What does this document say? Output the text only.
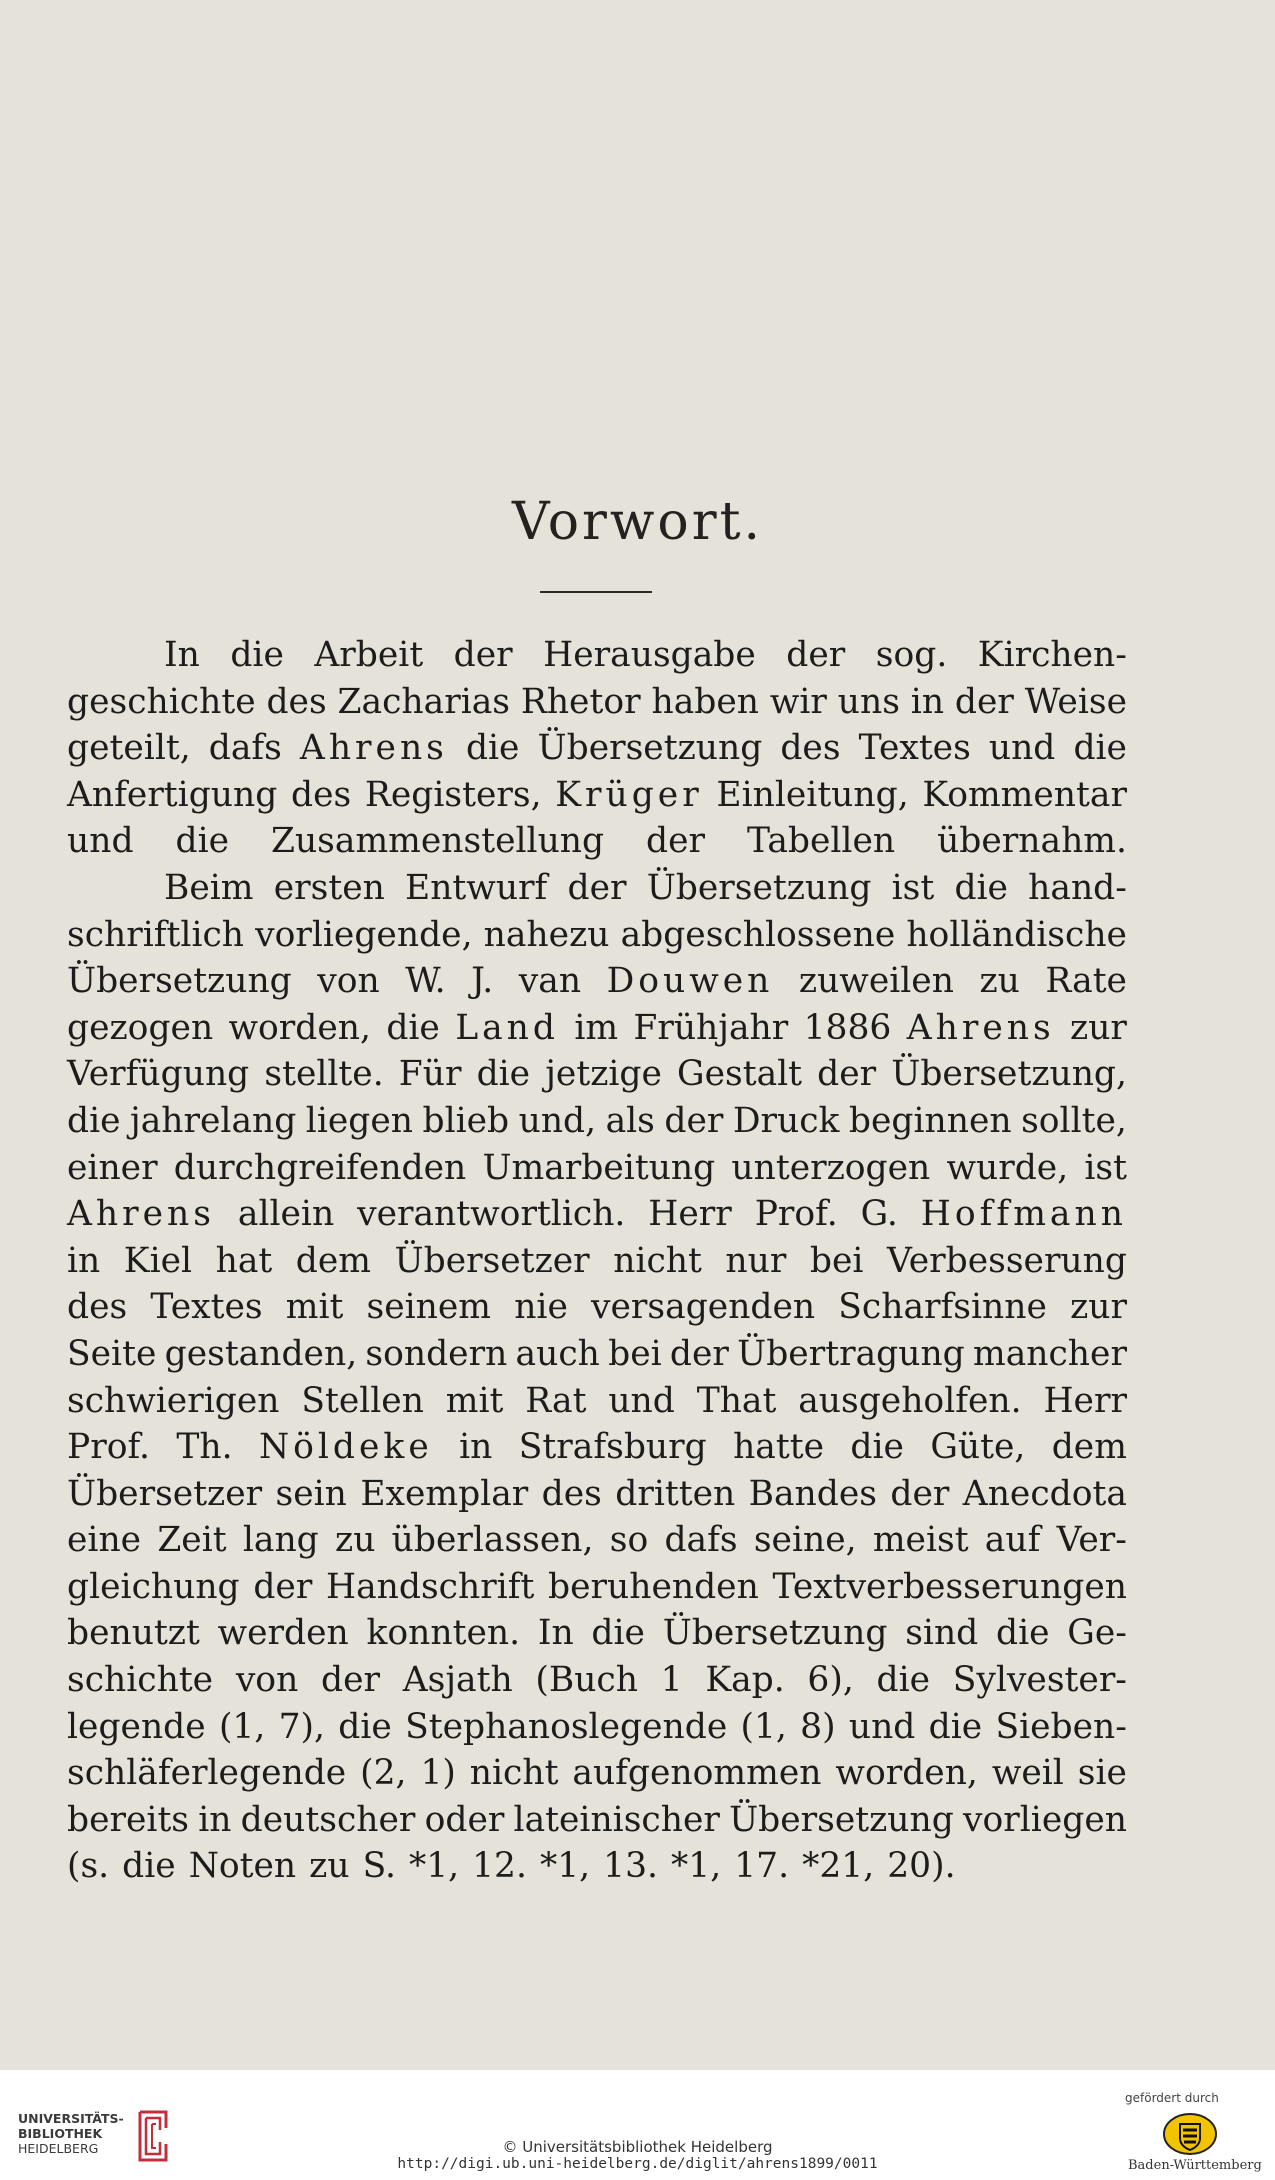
Vorwort.
In die Arbeit der Herausgabe der sog. Kirchen-
geschichte des Zacharias Rhetor haben wir uns in der Weise
geteilt, dafs Ahrens die Übersetzung des Textes und die
Anfertigung des Registers, Krüger Einleitung, Kommentar
und die Zusammenstellung der Tabellen übernahm.
Beim ersten Entwurf der Übersetzung ist die hand-
schriftlich vorliegende, nahezu abgeschlossene holländische
Übersetzung von W. J. van Douwen zuweilen zu Rate
gezogen worden, die Land im Frühjahr 1886 Ahrens zur
Verfügung stellte. Für die jetzige Gestalt der Übersetzung,
die jahrelang liegen blieb und, als der Druck beginnen sollte,
einer durchgreifenden Umarbeitung unterzogen wurde, ist
Ahrens allein verantwortlich. Herr Prof. G. Hoffmann
in Kiel hat dem Übersetzer nicht nur bei Verbesserung
des Textes mit seinem nie versagenden Scharfsinne zur
Seite gestanden, sondern auch bei der Übertragung mancher
schwierigen Stellen mit Rat und That ausgeholfen. Herr
Prof. Th. Nöldeke in Strafsburg hatte die Güte, dem
Übersetzer sein Exemplar des dritten Bandes der Anecdota
eine Zeit lang zu überlassen, so dafs seine, meist auf Ver-
gleichung der Handschrift beruhenden Textverbesserungen
benutzt werden konnten. In die Übersetzung sind die Ge-
schichte von der Asjath (Buch 1 Kap. 6), die Sylvester-
legende (1, 7), die Stephanoslegende (1, 8) und die Sieben-
schläferlegende (2, 1) nicht aufgenommen worden, weil sie
bereits in deutscher oder lateinischer Übersetzung vorliegen
(s. die Noten zu S. *1, 12. *1, 13. *1, 17. *21, 20).
UNIVERSITÄTS-
BIBLIOTHEK
HEIDELBERG	© Universitätsbibliothek Heidelberg
http://digi.ub.uni-heidelberg.de/diglit/ahrens1899/0011
gefördert durch
Baden-Württemberg
